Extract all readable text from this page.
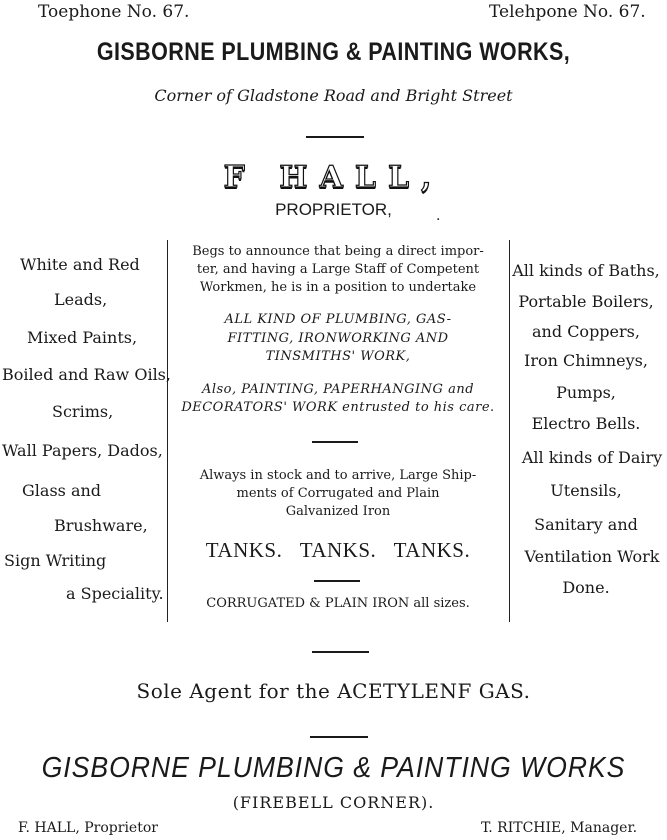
Toephonе No. 67.	Telehpone No. 67.
GISBORNE PLUMBING & PAINTING WORKS,
Corner of Gladstone Road and Bright Street
F HALL,
PROPRIETOR,	.
White and Red
Leads,
Mixed Paints,
Boiled and Raw Oils,
Scrims,
Wall Papers, Dados,
Glass and
Brushware,
Sign Writing
a Speciality.
Begs to announce that being a direct impor-
ter, and having a Large Staff of Competent
Workmen, he is in a position to undertake
ALL KIND OF PLUMBING, GAS-
FITTING, IRONWORKING AND
TINSMITHS' WORK,
Also, PAINTING, PAPERHANGING and
DECORATORS' WORK entrusted to his care.
Always in stock and to arrive, Large Ship-
ments of Corrugated and Plain
Galvanized Iron
TANKS. TANKS. TANKS.
CORRUGATED & PLAIN IRON all sizes.
All kinds of Baths,
Portable Boilers,
and Coppers,
Iron Chimneys,
Pumps,
Electro Bells.
All kinds of Dairy
Utensils,
Sanitary and
Ventilation Work
Done.
Sole Agent for the ACETYLENF GAS.
GISBORNE PLUMBING & PAINTING WORKS
(FIREBELL CORNER).
F. HALL, Proprietor	T. RITCHIE, Manager.
